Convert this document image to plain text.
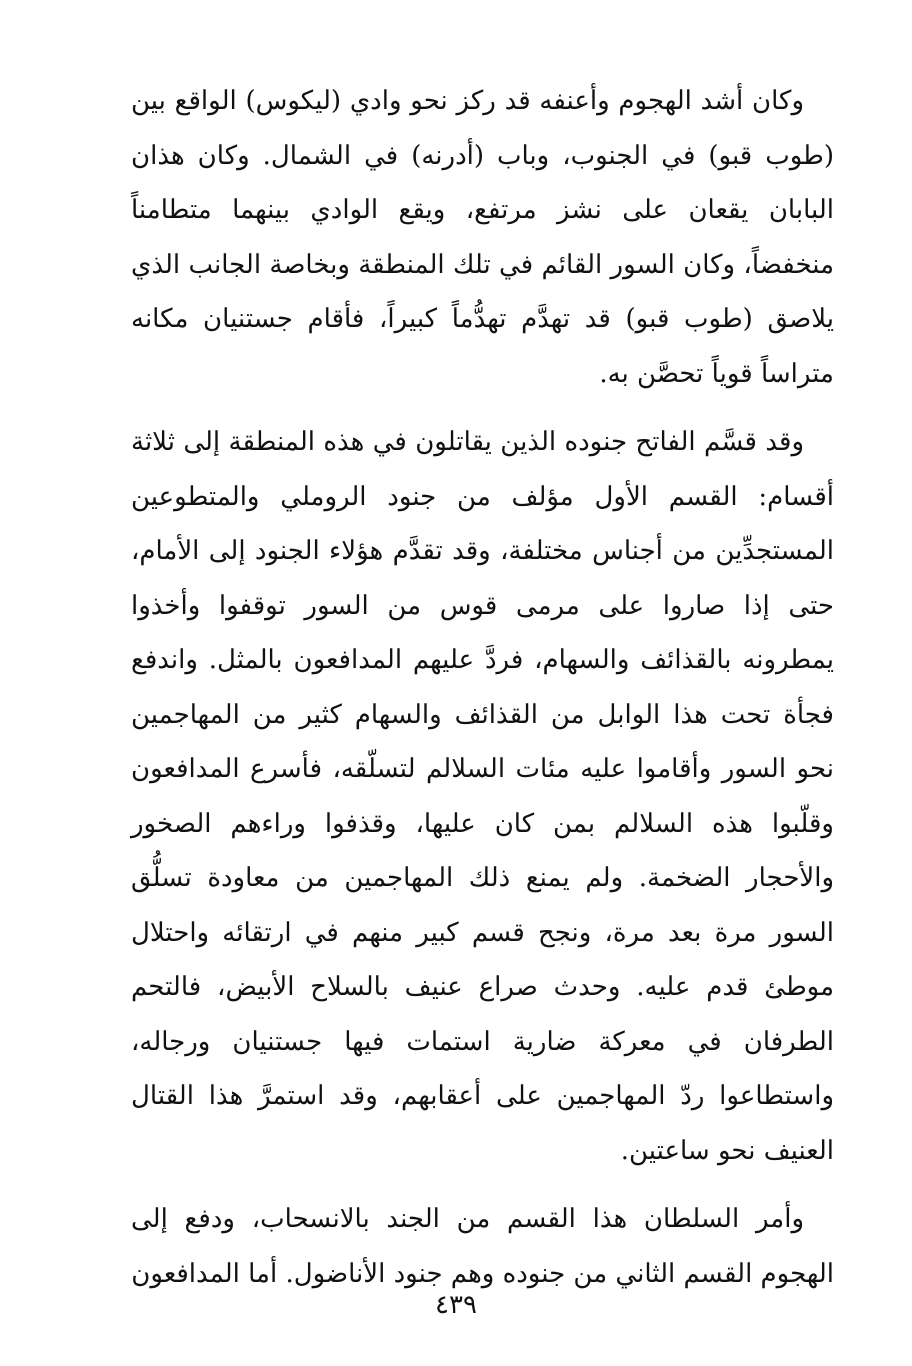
وكان أشد الهجوم وأعنفه قد ركز نحو وادي (ليكوس) الواقع بين (طوب قبو) في الجنوب، وباب (أدرنه) في الشمال. وكان هذان البابان يقعان على نشز مرتفع، ويقع الوادي بينهما متطامناً منخفضاً، وكان السور القائم في تلك المنطقة وبخاصة الجانب الذي يلاصق (طوب قبو) قد تهدَّم تهدُّماً كبيراً، فأقام جستنيان مكانه متراساً قوياً تحصَّن به.

وقد قسَّم الفاتح جنوده الذين يقاتلون في هذه المنطقة إلى ثلاثة أقسام: القسم الأول مؤلف من جنود الروملي والمتطوعين المستجدِّين من أجناس مختلفة، وقد تقدَّم هؤلاء الجنود إلى الأمام، حتى إذا صاروا على مرمى قوس من السور توقفوا وأخذوا يمطرونه بالقذائف والسهام، فردَّ عليهم المدافعون بالمثل. واندفع فجأة تحت هذا الوابل من القذائف والسهام كثير من المهاجمين نحو السور وأقاموا عليه مئات السلالم لتسلّقه، فأسرع المدافعون وقلّبوا هذه السلالم بمن كان عليها، وقذفوا وراءهم الصخور والأحجار الضخمة. ولم يمنع ذلك المهاجمين من معاودة تسلُّق السور مرة بعد مرة، ونجح قسم كبير منهم في ارتقائه واحتلال موطئ قدم عليه. وحدث صراع عنيف بالسلاح الأبيض، فالتحم الطرفان في معركة ضارية استمات فيها جستنيان ورجاله، واستطاعوا ردّ المهاجمين على أعقابهم، وقد استمرَّ هذا القتال العنيف نحو ساعتين.

وأمر السلطان هذا القسم من الجند بالانسحاب، ودفع إلى الهجوم القسم الثاني من جنوده وهم جنود الأناضول. أما المدافعون

٤٣٩
